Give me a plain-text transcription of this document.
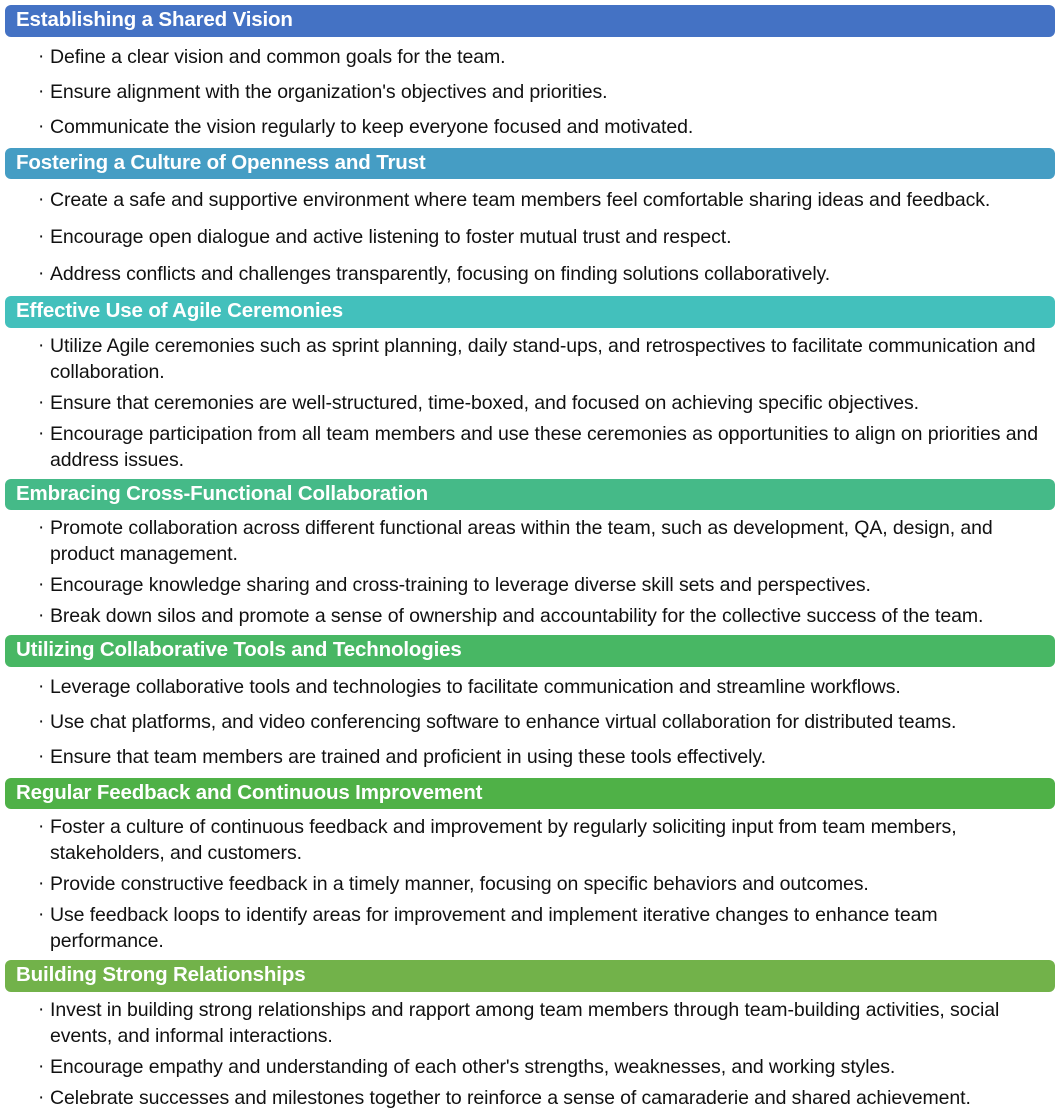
Establishing a Shared Vision
· Define a clear vision and common goals for the team.
· Ensure alignment with the organization's objectives and priorities.
· Communicate the vision regularly to keep everyone focused and motivated.
Fostering a Culture of Openness and Trust
· Create a safe and supportive environment where team members feel comfortable sharing ideas and feedback.
· Encourage open dialogue and active listening to foster mutual trust and respect.
· Address conflicts and challenges transparently, focusing on finding solutions collaboratively.
Effective Use of Agile Ceremonies
· Utilize Agile ceremonies such as sprint planning, daily stand-ups, and retrospectives to facilitate communication and collaboration.
· Ensure that ceremonies are well-structured, time-boxed, and focused on achieving specific objectives.
· Encourage participation from all team members and use these ceremonies as opportunities to align on priorities and address issues.
Embracing Cross-Functional Collaboration
· Promote collaboration across different functional areas within the team, such as development, QA, design, and product management.
· Encourage knowledge sharing and cross-training to leverage diverse skill sets and perspectives.
· Break down silos and promote a sense of ownership and accountability for the collective success of the team.
Utilizing Collaborative Tools and Technologies
· Leverage collaborative tools and technologies to facilitate communication and streamline workflows.
· Use chat platforms, and video conferencing software to enhance virtual collaboration for distributed teams.
· Ensure that team members are trained and proficient in using these tools effectively.
Regular Feedback and Continuous Improvement
· Foster a culture of continuous feedback and improvement by regularly soliciting input from team members, stakeholders, and customers.
· Provide constructive feedback in a timely manner, focusing on specific behaviors and outcomes.
· Use feedback loops to identify areas for improvement and implement iterative changes to enhance team performance.
Building Strong Relationships
· Invest in building strong relationships and rapport among team members through team-building activities, social events, and informal interactions.
· Encourage empathy and understanding of each other's strengths, weaknesses, and working styles.
· Celebrate successes and milestones together to reinforce a sense of camaraderie and shared achievement.
